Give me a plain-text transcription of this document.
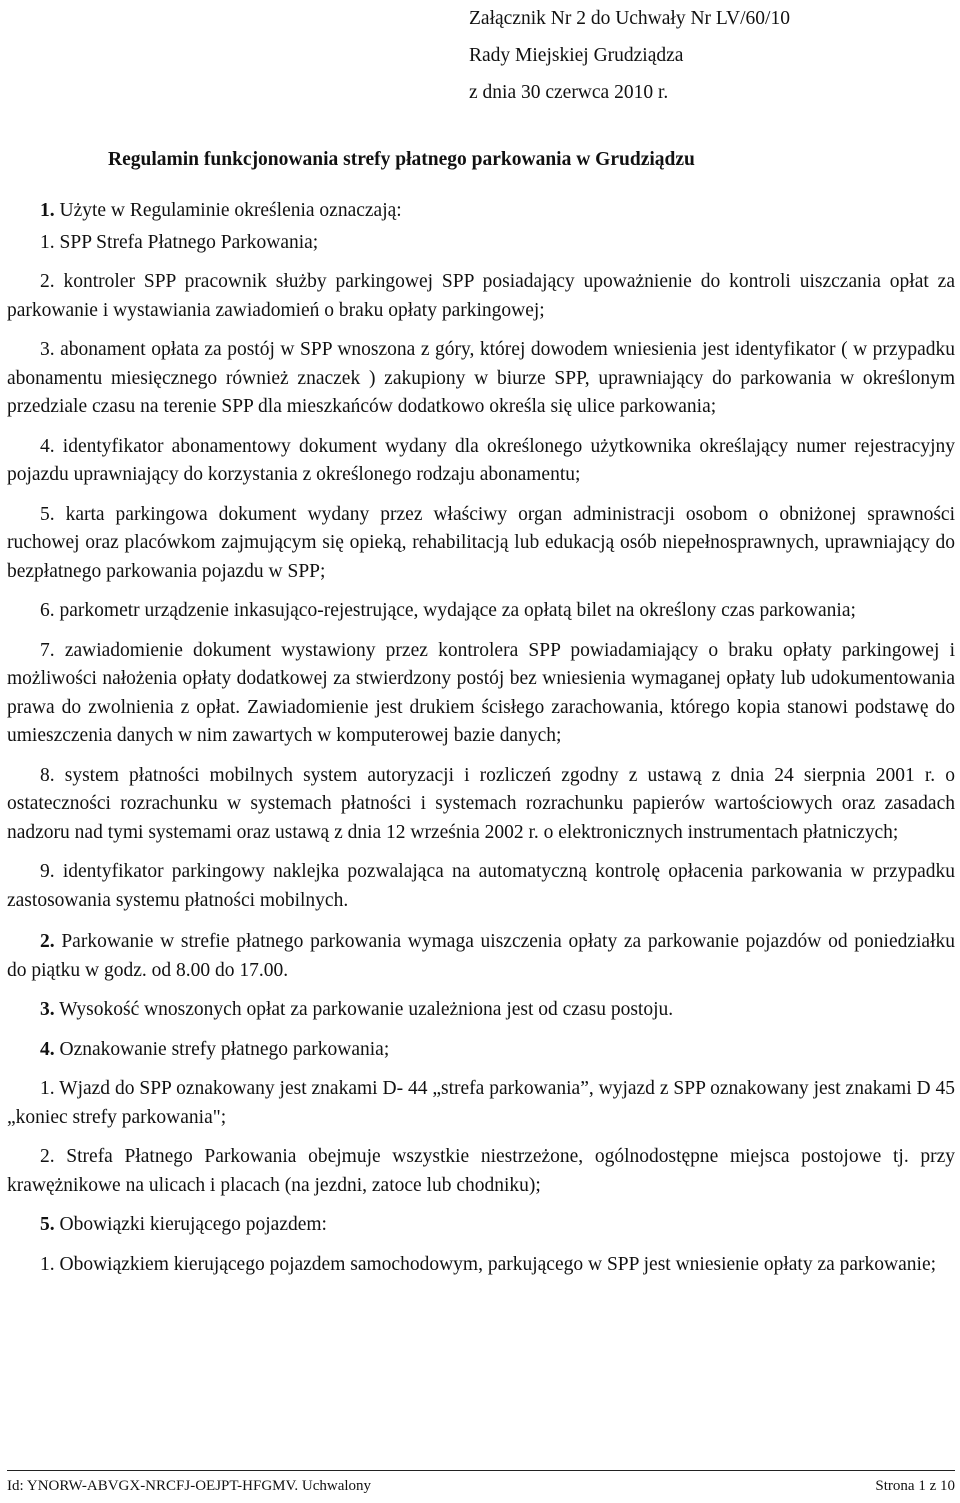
Załącznik Nr 2 do Uchwały Nr LV/60/10
Rady Miejskiej Grudziądza
z dnia 30 czerwca 2010 r.
Regulamin funkcjonowania strefy płatnego parkowania w Grudziądzu

1. Użyte w Regulaminie określenia oznaczają:

1. SPP Strefa Płatnego Parkowania;

2. kontroler SPP pracownik służby parkingowej SPP posiadający upoważnienie do kontroli uiszczania opłat za parkowanie i wystawiania zawiadomień o braku opłaty parkingowej;

3. abonament opłata za postój w SPP wnoszona z góry, której dowodem wniesienia jest identyfikator ( w przypadku abonamentu miesięcznego również znaczek ) zakupiony w biurze SPP, uprawniający do parkowania w określonym przedziale czasu na terenie SPP dla mieszkańców dodatkowo określa się ulice parkowania;

4. identyfikator abonamentowy dokument wydany dla określonego użytkownika określający numer rejestracyjny pojazdu uprawniający do korzystania z określonego rodzaju abonamentu;

5. karta parkingowa dokument wydany przez właściwy organ administracji osobom o obniżonej sprawności ruchowej oraz placówkom zajmującym się opieką, rehabilitacją lub edukacją osób niepełnosprawnych, uprawniający do bezpłatnego parkowania pojazdu w SPP;

6. parkometr urządzenie inkasująco-rejestrujące, wydające za opłatą bilet na określony czas parkowania;

7. zawiadomienie dokument wystawiony przez kontrolera SPP powiadamiający o braku opłaty parkingowej i możliwości nałożenia opłaty dodatkowej za stwierdzony postój bez wniesienia wymaganej opłaty lub udokumentowania prawa do zwolnienia z opłat. Zawiadomienie jest drukiem ścisłego zarachowania, którego kopia stanowi podstawę do umieszczenia danych w nim zawartych w komputerowej bazie danych;

8. system płatności mobilnych system autoryzacji i rozliczeń zgodny z ustawą z dnia 24 sierpnia 2001 r. o ostateczności rozrachunku w systemach płatności i systemach rozrachunku papierów wartościowych oraz zasadach nadzoru nad tymi systemami oraz ustawą z dnia 12 września 2002 r. o elektronicznych instrumentach płatniczych;

9. identyfikator parkingowy naklejka pozwalająca na automatyczną kontrolę opłacenia parkowania w przypadku zastosowania systemu płatności mobilnych.

2. Parkowanie w strefie płatnego parkowania wymaga uiszczenia opłaty za parkowanie pojazdów od poniedziałku do piątku w godz. od 8.00 do 17.00.

3. Wysokość wnoszonych opłat za parkowanie uzależniona jest od czasu postoju.

4. Oznakowanie strefy płatnego parkowania;

1. Wjazd do SPP oznakowany jest znakami D- 44 „strefa parkowania”, wyjazd z SPP oznakowany jest znakami D 45 „koniec strefy parkowania";

2. Strefa Płatnego Parkowania obejmuje wszystkie niestrzeżone, ogólnodostępne miejsca postojowe tj. przy krawężnikowe na ulicach i placach (na jezdni, zatoce lub chodniku);

5. Obowiązki kierującego pojazdem:

1. Obowiązkiem kierującego pojazdem samochodowym, parkującego w SPP jest wniesienie opłaty za parkowanie;

Id: YNORW-ABVGX-NRCFJ-OEJPT-HFGMV. Uchwalony	Strona 1 z 10
